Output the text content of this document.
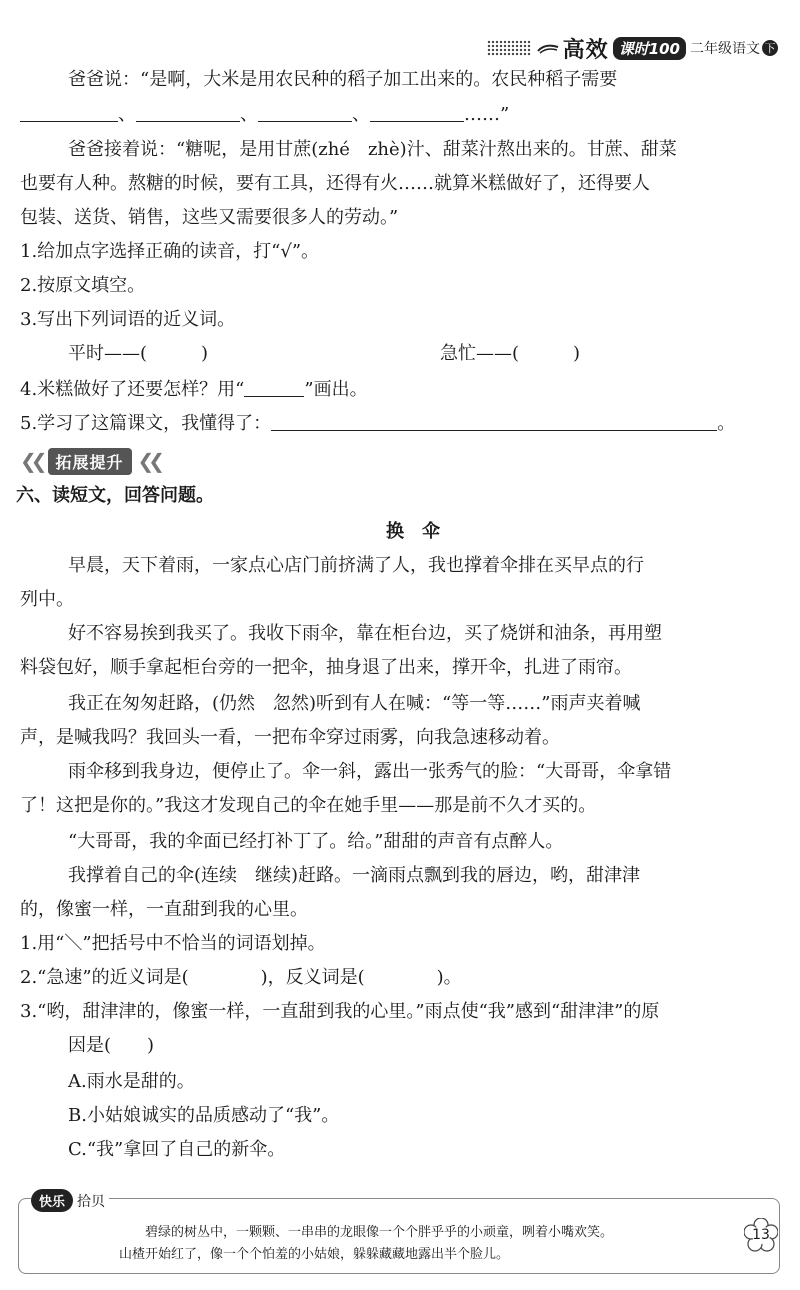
高效 课时100 二年级语文 下
爸爸说：“是啊，大米是用农民种的稻子加工出来的。农民种稻子需要
、	、	、	……”
爸爸接着说：“糖呢，是用甘蔗(zhé　zhè)汁、甜菜汁熬出来的。甘蔗、甜菜
也要有人种。熬糖的时候，要有工具，还得有火……就算米糕做好了，还得要人
包装、送货、销售，这些又需要很多人的劳动。”
1.给加点字选择正确的读音，打“√”。
2.按原文填空。
3.写出下列词语的近义词。
平时——(　　　)	急忙——(　　　)
4.米糕做好了还要怎样？用“	”画出。
5.学习了这篇课文，我懂得了：	。
❮❮ 拓展提升 ❮❮
六、读短文，回答问题。
换　伞
早晨，天下着雨，一家点心店门前挤满了人，我也撑着伞排在买早点的行
列中。
好不容易挨到我买了。我收下雨伞，靠在柜台边，买了烧饼和油条，再用塑
料袋包好，顺手拿起柜台旁的一把伞，抽身退了出来，撑开伞，扎进了雨帘。
我正在匆匆赶路，(仍然　忽然)听到有人在喊：“等一等……”雨声夹着喊
声，是喊我吗？我回头一看，一把布伞穿过雨雾，向我急速移动着。
雨伞移到我身边，便停止了。伞一斜，露出一张秀气的脸：“大哥哥，伞拿错
了！这把是你的。”我这才发现自己的伞在她手里——那是前不久才买的。
“大哥哥，我的伞面已经打补丁了。给。”甜甜的声音有点醉人。
我撑着自己的伞(连续　继续)赶路。一滴雨点飘到我的唇边，哟，甜津津
的，像蜜一样，一直甜到我的心里。
1.用“＼”把括号中不恰当的词语划掉。
2.“急速”的近义词是(　　　　)，反义词是(　　　　)。
3.“哟，甜津津的，像蜜一样，一直甜到我的心里。”雨点使“我”感到“甜津津”的原
因是(　　)
A.雨水是甜的。
B.小姑娘诚实的品质感动了“我”。
C.“我”拿回了自己的新伞。
快乐 拾贝
碧绿的树丛中，一颗颗、一串串的龙眼像一个个胖乎乎的小顽童，咧着小嘴欢笑。
山楂开始红了，像一个个怕羞的小姑娘，躲躲藏藏地露出半个脸儿。
13
